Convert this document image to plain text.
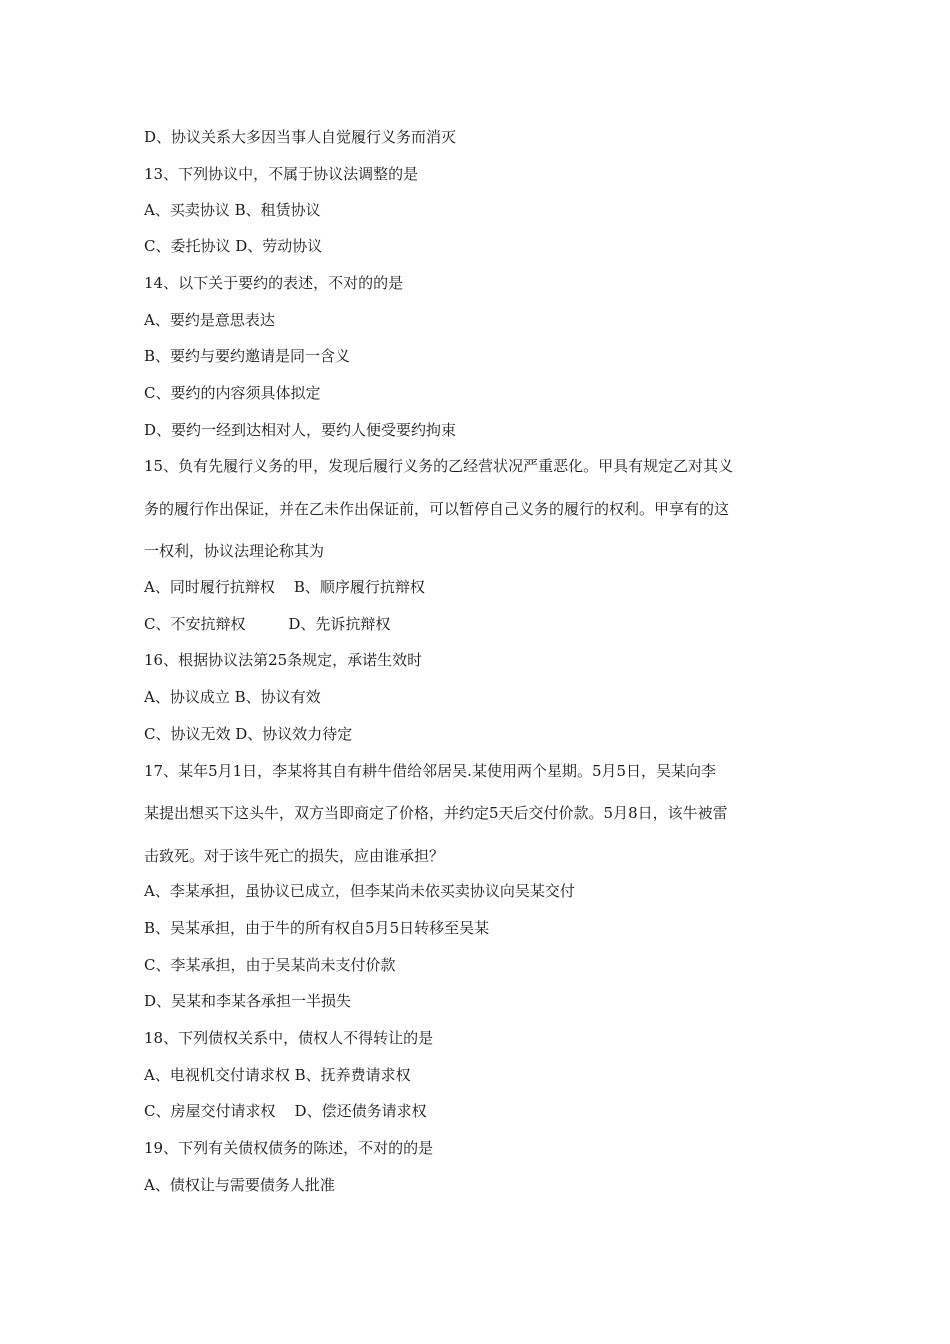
D、协议关系大多因当事人自觉履行义务而消灭
13、下列协议中，不属于协议法调整的是
A、买卖协议 B、租赁协议
C、委托协议 D、劳动协议
14、以下关于要约的表述，不对的的是
A、要约是意思表达
B、要约与要约邀请是同一含义
C、要约的内容须具体拟定
D、要约一经到达相对人，要约人便受要约拘束
15、负有先履行义务的甲，发现后履行义务的乙经营状况严重恶化。甲具有规定乙对其义
务的履行作出保证，并在乙未作出保证前，可以暂停自己义务的履行的权利。甲享有的这
一权利，协议法理论称其为
A、同时履行抗辩权    B、顺序履行抗辩权
C、不安抗辩权         D、先诉抗辩权
16、根据协议法第25条规定，承诺生效时
A、协议成立 B、协议有效
C、协议无效 D、协议效力待定
17、某年5月1日，李某将其自有耕牛借给邻居吴.某使用两个星期。5月5日，吴某向李
某提出想买下这头牛，双方当即商定了价格，并约定5天后交付价款。5月8日，该牛被雷
击致死。对于该牛死亡的损失，应由谁承担？
A、李某承担，虽协议已成立，但李某尚未依买卖协议向吴某交付
B、吴某承担，由于牛的所有权自5月5日转移至吴某
C、李某承担，由于吴某尚未支付价款
D、吴某和李某各承担一半损失
18、下列债权关系中，债权人不得转让的是
A、电视机交付请求权 B、抚养费请求权
C、房屋交付请求权    D、偿还债务请求权
19、下列有关债权债务的陈述，不对的的是
A、债权让与需要债务人批准
